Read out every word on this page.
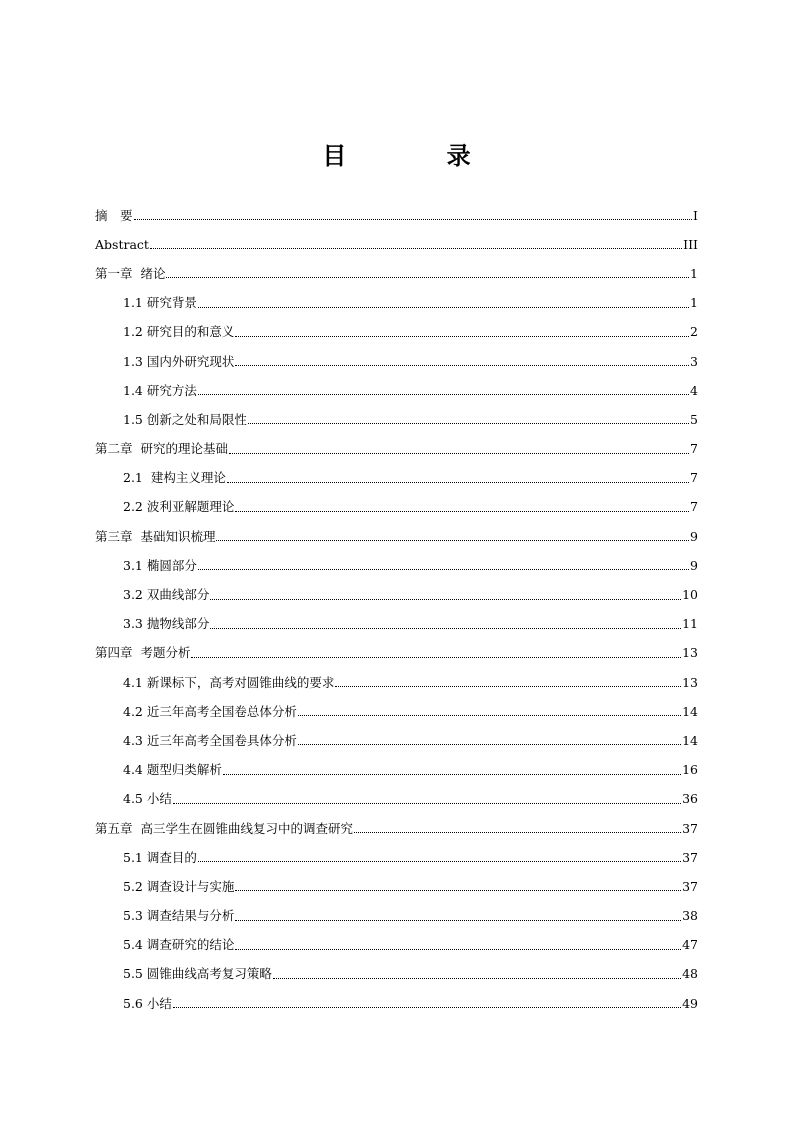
目 录
摘　要	I
Abstract	III
第一章  绪论	1
1.1 研究背景	1
1.2 研究目的和意义	2
1.3 国内外研究现状	3
1.4 研究方法	4
1.5 创新之处和局限性	5
第二章  研究的理论基础	7
2.1  建构主义理论	7
2.2 波利亚解题理论	7
第三章  基础知识梳理	9
3.1 椭圆部分	9
3.2 双曲线部分	10
3.3 抛物线部分	11
第四章  考题分析	13
4.1 新课标下，高考对圆锥曲线的要求	13
4.2 近三年高考全国卷总体分析	14
4.3 近三年高考全国卷具体分析	14
4.4 题型归类解析	16
4.5 小结	36
第五章  高三学生在圆锥曲线复习中的调查研究	37
5.1 调查目的	37
5.2 调查设计与实施	37
5.3 调查结果与分析	38
5.4 调查研究的结论	47
5.5 圆锥曲线高考复习策略	48
5.6 小结	49
